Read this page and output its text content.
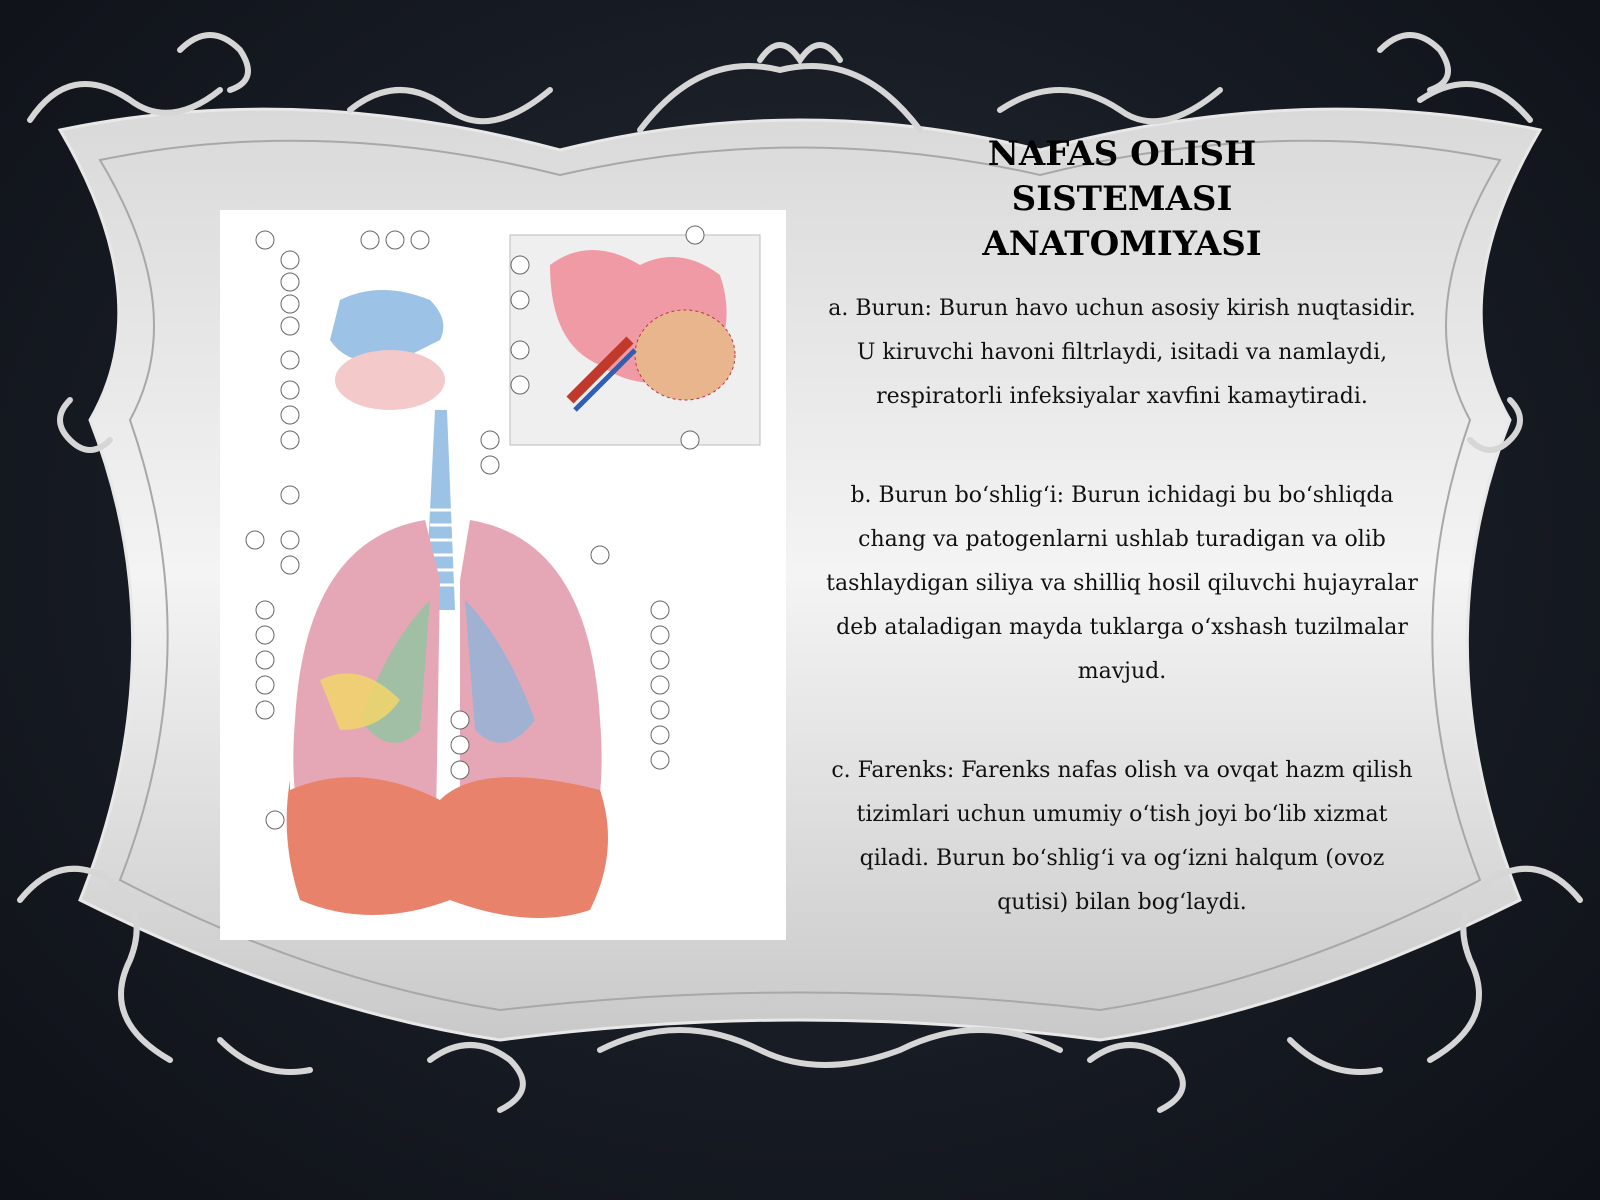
NAFAS OLISH
SISTEMASI
ANATOMIYASI

a. Burun: Burun havo uchun asosiy kirish nuqtasidir. U kiruvchi havoni filtrlaydi, isitadi va namlaydi, respiratorli infeksiyalar xavfini kamaytiradi.

b. Burun bo‘shlig‘i: Burun ichidagi bu bo‘shliqda chang va patogenlarni ushlab turadigan va olib tashlaydigan siliya va shilliq hosil qiluvchi hujayralar deb ataladigan mayda tuklarga o‘xshash tuzilmalar mavjud.

c. Farenks: Farenks nafas olish va ovqat hazm qilish tizimlari uchun umumiy o‘tish joyi bo‘lib xizmat qiladi. Burun bo‘shlig‘i va og‘izni halqum (ovoz qutisi) bilan bog‘laydi.
